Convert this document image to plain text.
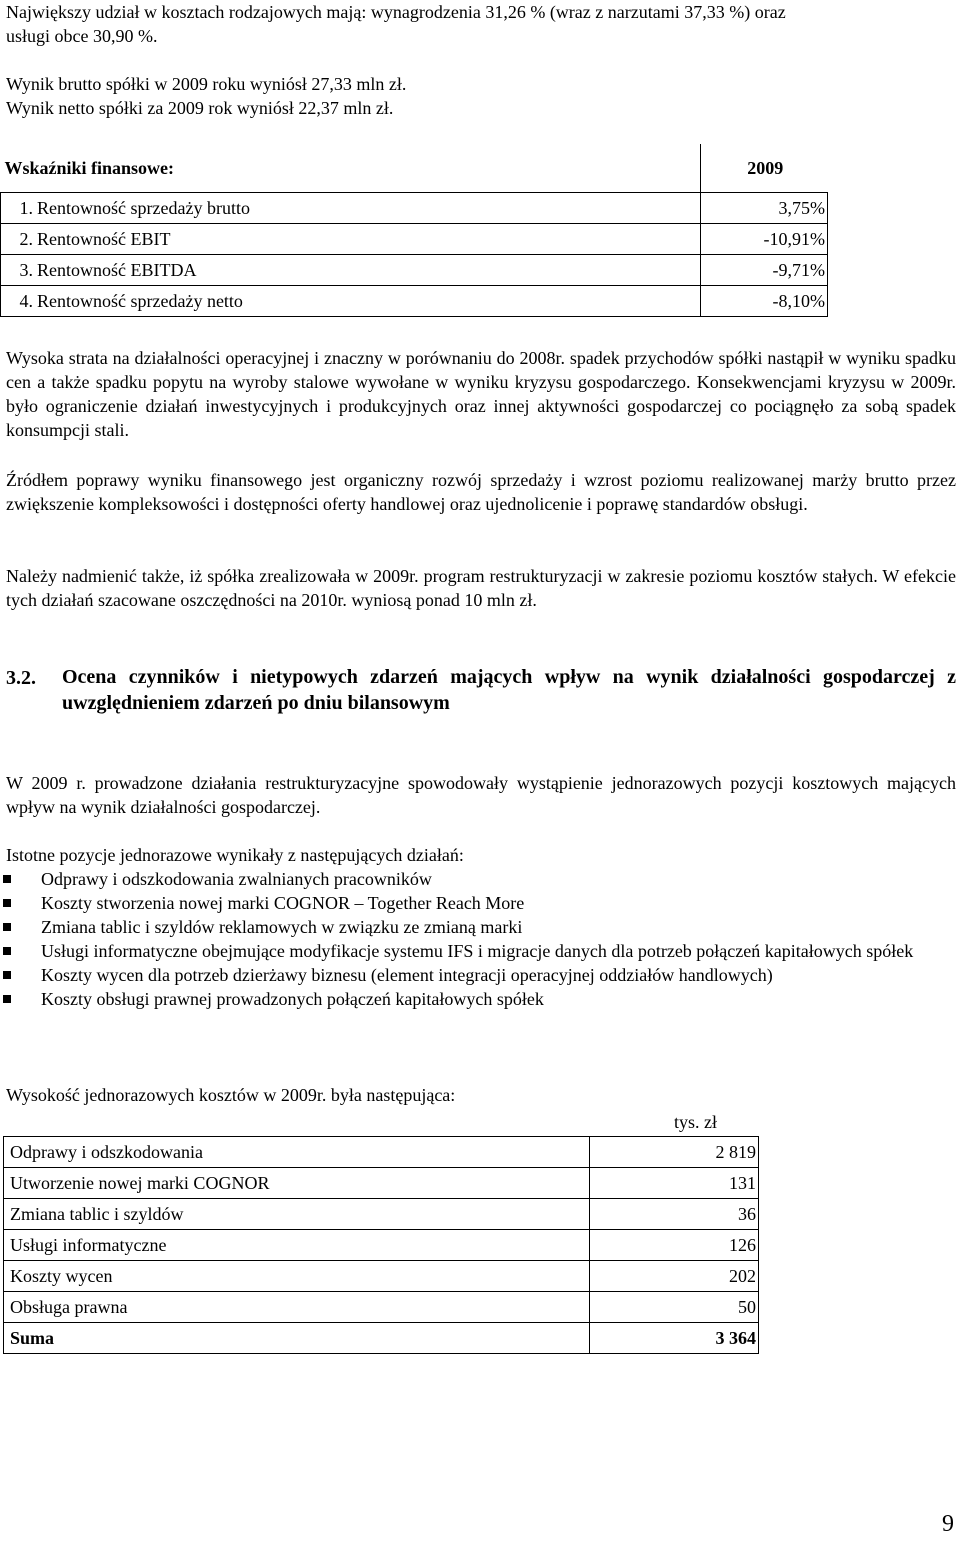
Największy udział w kosztach rodzajowych mają: wynagrodzenia 31,26 % (wraz z narzutami 37,33 %) oraz
usługi obce 30,90 %.
Wynik brutto spółki w 2009 roku wyniósł 27,33 mln zł.
Wynik netto spółki za 2009 rok wyniósł 22,37 mln zł.
Wskaźniki finansowe:	2009
1. Rentowność sprzedaży brutto	3,75%
2. Rentowność EBIT	-10,91%
3. Rentowność EBITDA	-9,71%
4. Rentowność sprzedaży netto	-8,10%

Wysoka strata na działalności operacyjnej i znaczny w porównaniu do 2008r. spadek przychodów spółki nastąpił w wyniku spadku cen a także spadku popytu na wyroby stalowe wywołane w wyniku kryzysu gospodarczego. Konsekwencjami kryzysu w 2009r. było ograniczenie działań inwestycyjnych i produkcyjnych oraz innej aktywności gospodarczej co pociągnęło za sobą spadek konsumpcji stali.

Źródłem poprawy wyniku finansowego jest organiczny rozwój sprzedaży i wzrost poziomu realizowanej marży brutto przez zwiększenie kompleksowości i dostępności oferty handlowej oraz ujednolicenie i poprawę standardów obsługi.

Należy nadmienić także, iż spółka zrealizowała w 2009r. program restrukturyzacji w zakresie poziomu kosztów stałych. W efekcie tych działań szacowane oszczędności na 2010r. wyniosą ponad 10 mln zł.

3.2. Ocena czynników i nietypowych zdarzeń mających wpływ na wynik działalności gospodarczej z uwzględnieniem zdarzeń po dniu bilansowym

W 2009 r. prowadzone działania restrukturyzacyjne spowodowały wystąpienie jednorazowych pozycji kosztowych mających wpływ na wynik działalności gospodarczej.

Istotne pozycje jednorazowe wynikały z następujących działań:
Odprawy i odszkodowania zwalnianych pracowników
Koszty stworzenia nowej marki COGNOR – Together Reach More
Zmiana tablic i szyldów reklamowych w związku ze zmianą marki
Usługi informatyczne obejmujące modyfikacje systemu IFS i migracje danych dla potrzeb połączeń kapitałowych spółek
Koszty wycen dla potrzeb dzierżawy biznesu (element integracji operacyjnej oddziałów handlowych)
Koszty obsługi prawnej prowadzonych połączeń kapitałowych spółek
Wysokość jednorazowych kosztów w 2009r. była następująca:
tys. zł
Odprawy i odszkodowania	2 819
Utworzenie nowej marki COGNOR	131
Zmiana tablic i szyldów	36
Usługi informatyczne	126
Koszty wycen	202
Obsługa prawna	50
Suma	3 364
9
